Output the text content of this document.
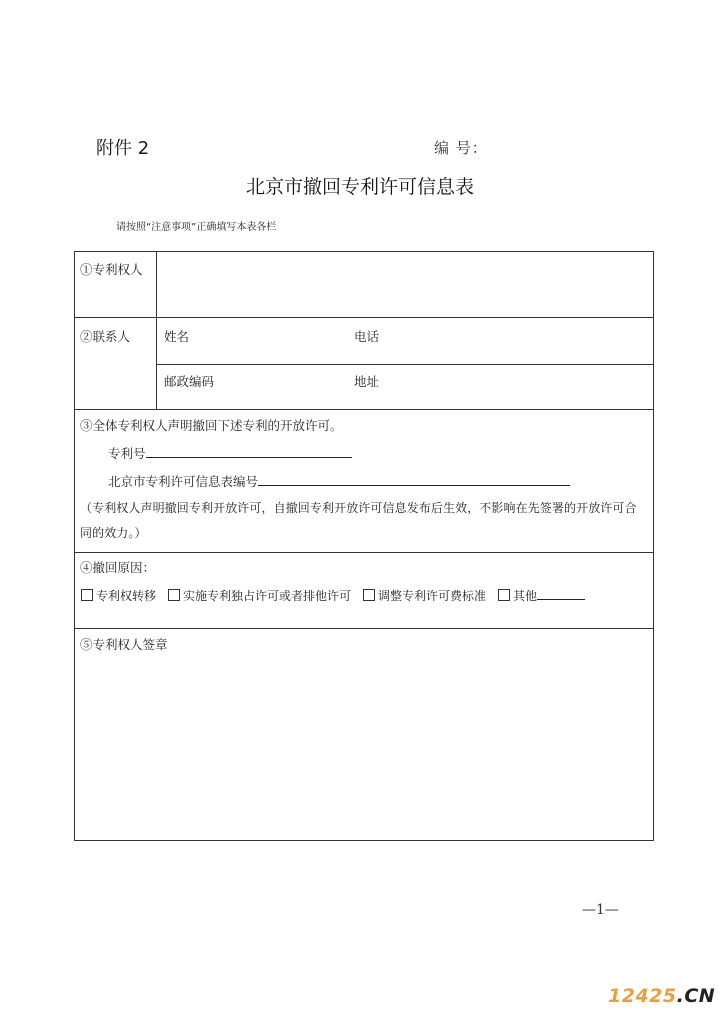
附件 2	编 号：
北京市撤回专利许可信息表
请按照“注意事项”正确填写本表各栏
①专利权人
②联系人	姓名	电话
邮政编码	地址
③全体专利权人声明撤回下述专利的开放许可。
专利号
北京市专利许可信息表编号
（专利权人声明撤回专利开放许可，自撤回专利开放许可信息发布后生效，不影响在先签署的开放许可合同的效力。）
④撤回原因：
专利权转移 实施专利独占许可或者排他许可 调整专利许可费标准 其他
⑤专利权人签章
—1—
12425.CN
